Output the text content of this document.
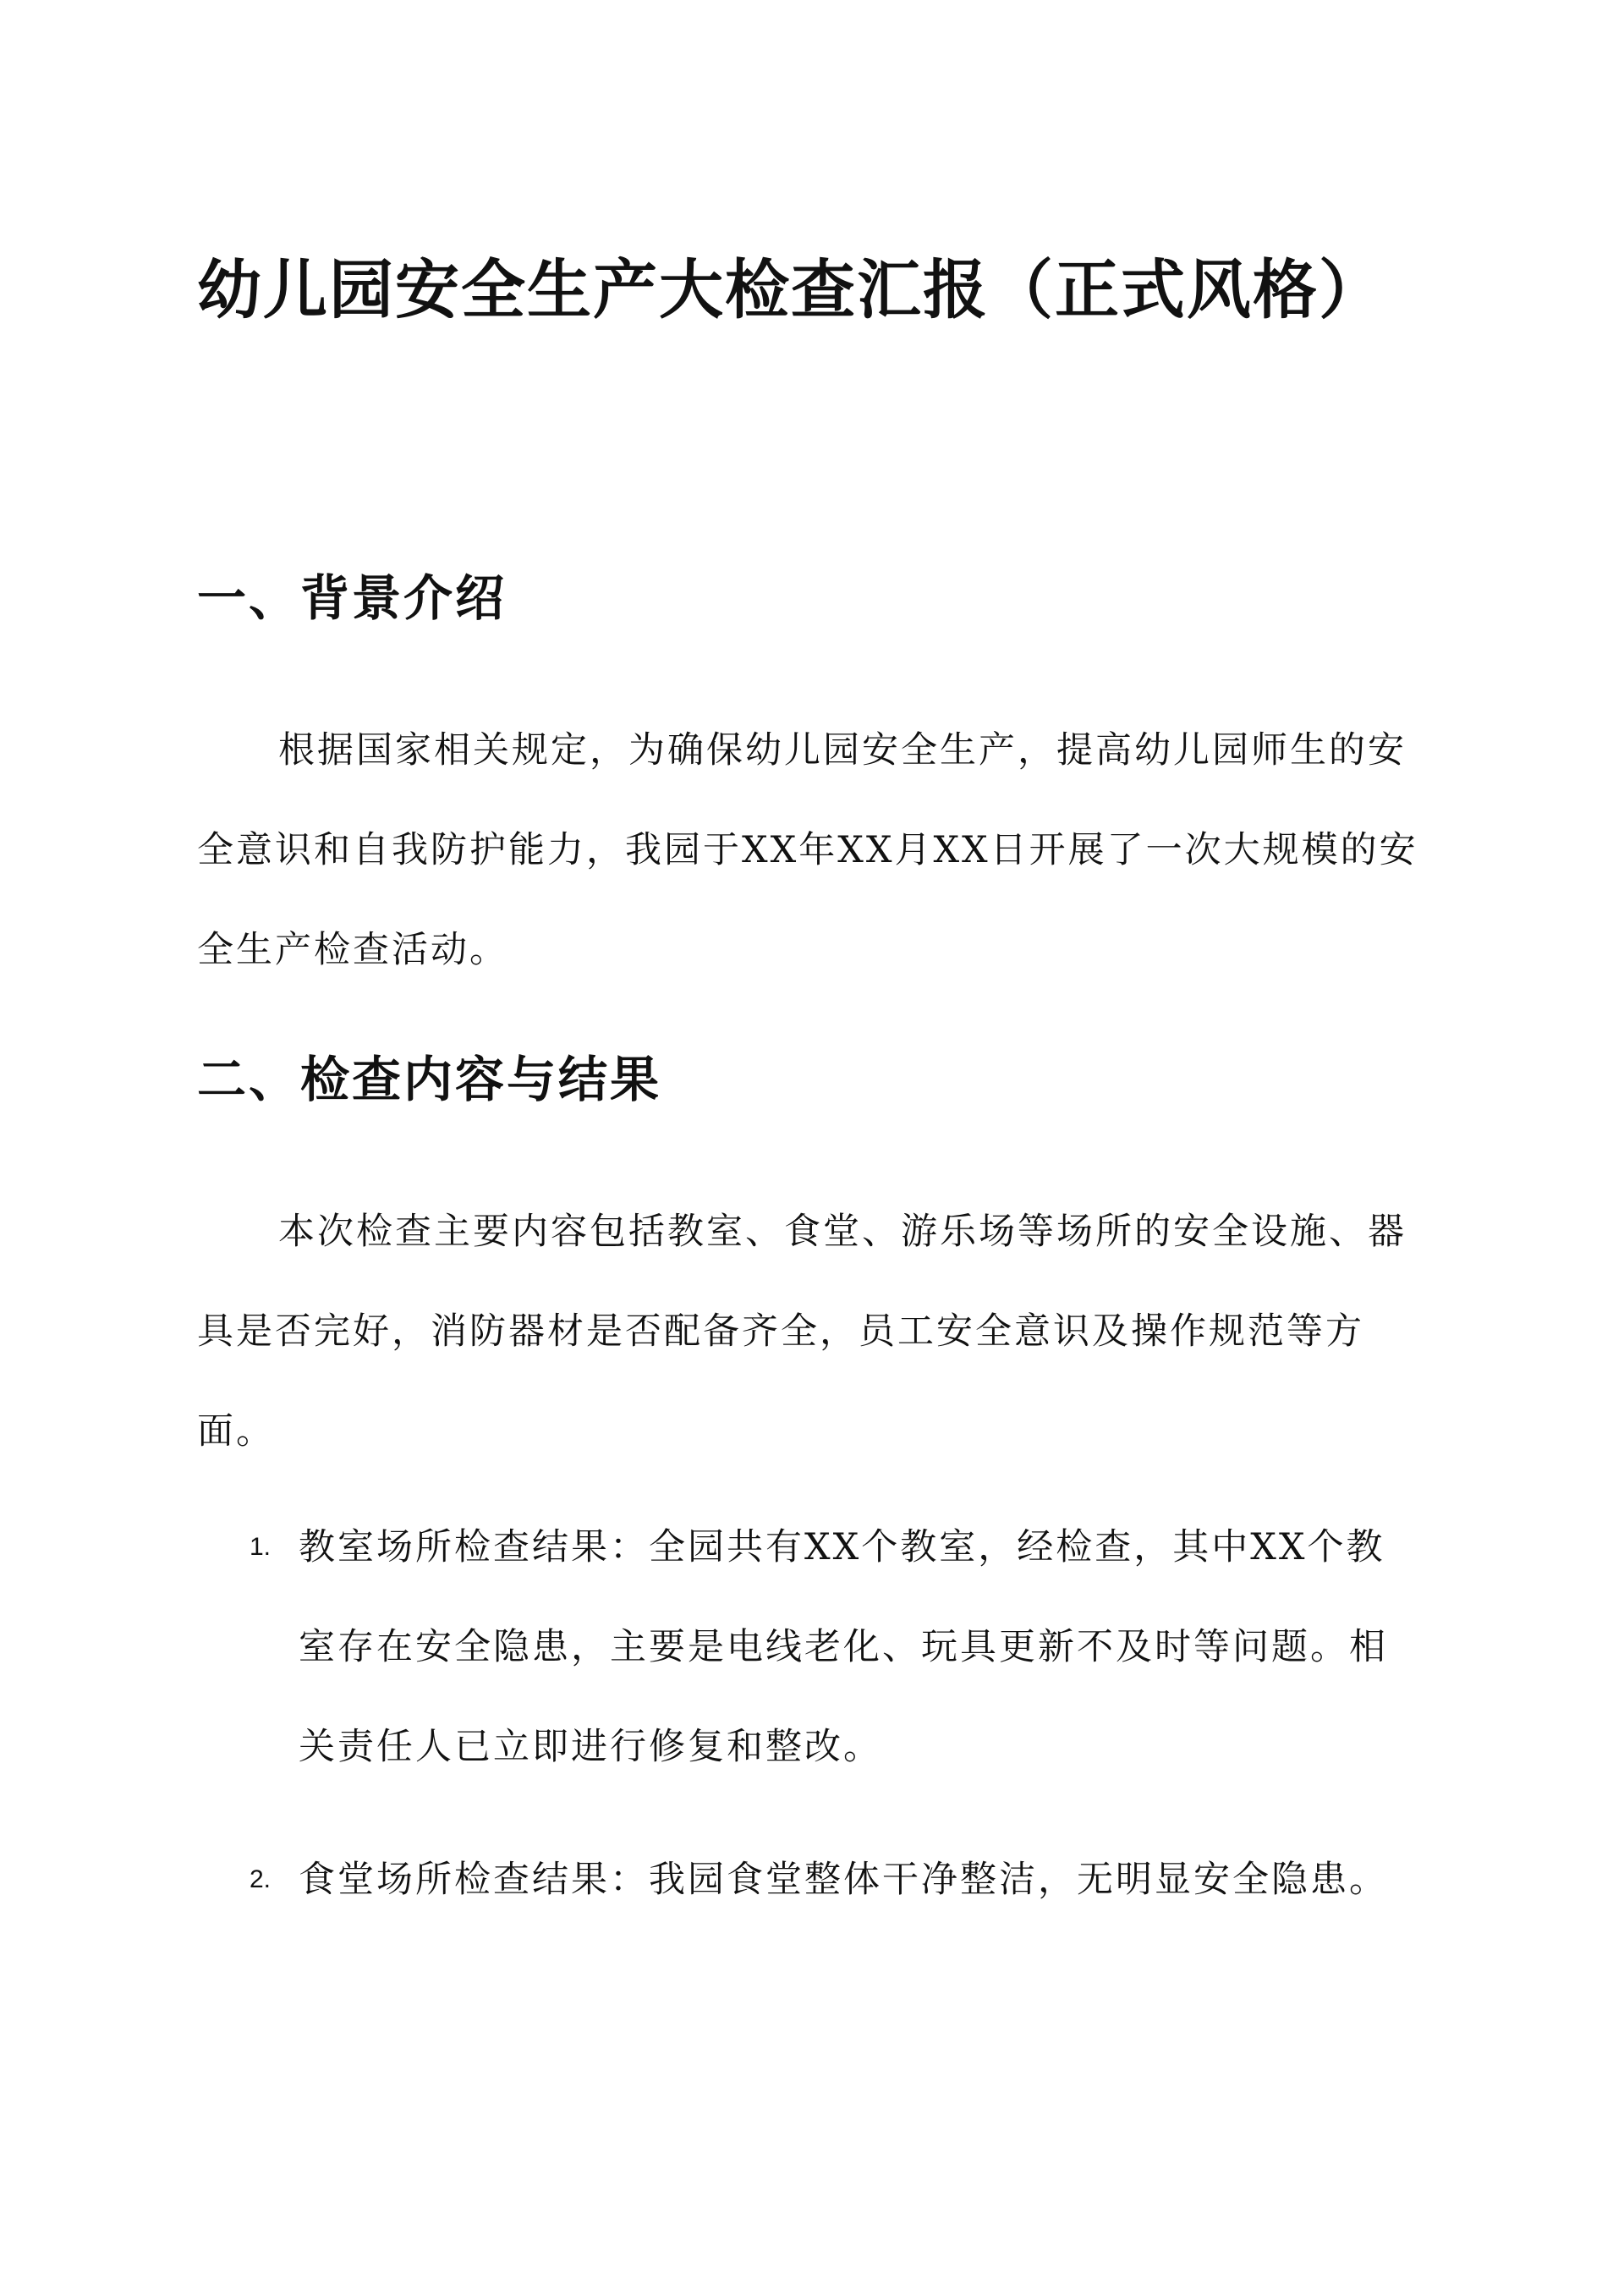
幼儿园安全生产大检查汇报（正式风格）
一、背景介绍

根据国家相关规定，为确保幼儿园安全生产，提高幼儿园师生的安全意识和自我防护能力，我园于XX年XX月XX日开展了一次大规模的安全生产检查活动。

二、检查内容与结果

本次检查主要内容包括教室、食堂、游乐场等场所的安全设施、器具是否完好，消防器材是否配备齐全，员工安全意识及操作规范等方面。

1. 教室场所检查结果：全园共有XX个教室，经检查，其中XX个教室存在安全隐患，主要是电线老化、玩具更新不及时等问题。相关责任人已立即进行修复和整改。
2. 食堂场所检查结果：我园食堂整体干净整洁，无明显安全隐患。
